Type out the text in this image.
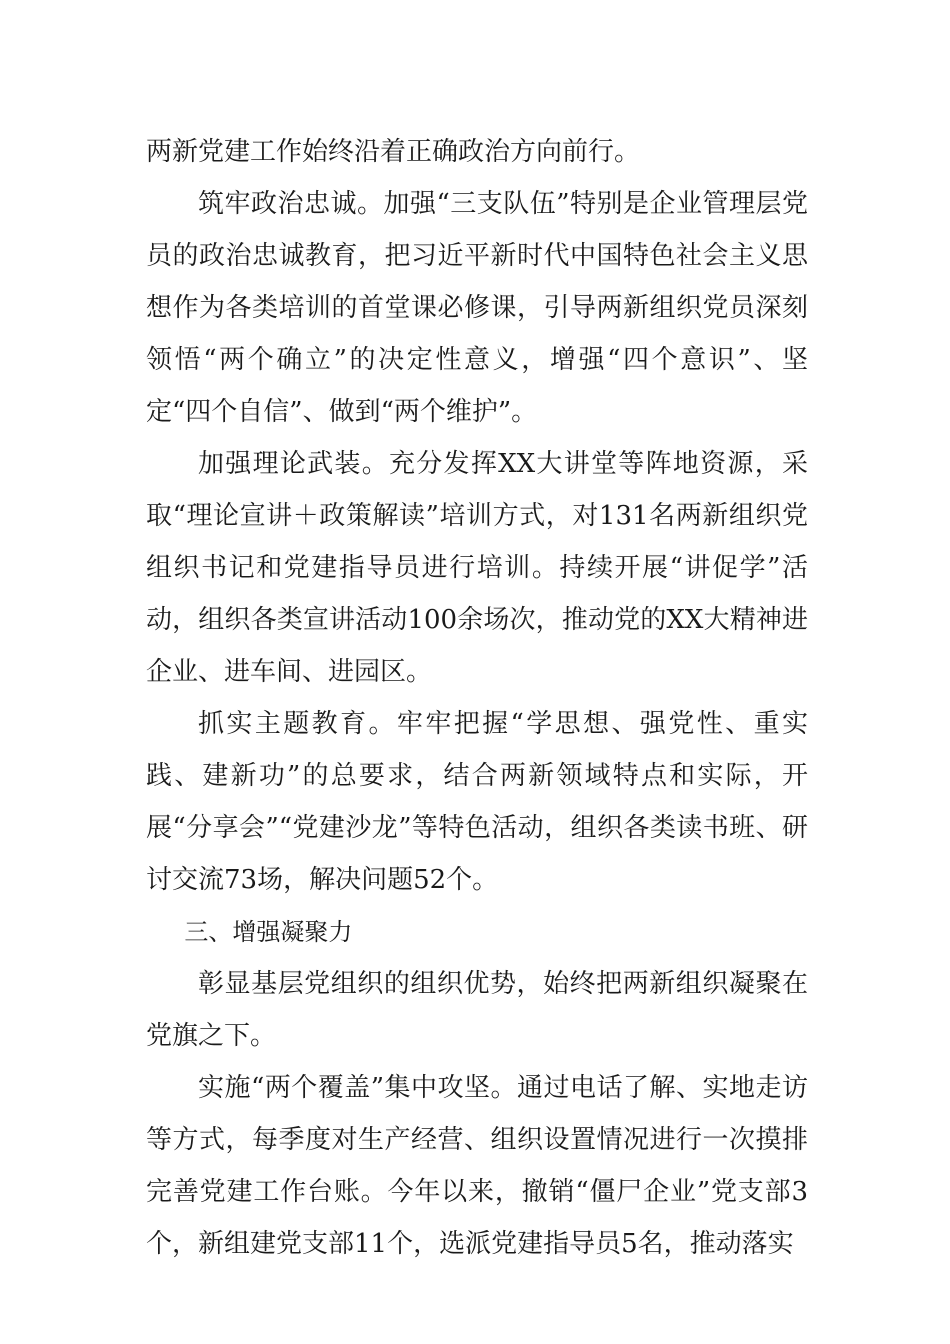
两新党建工作始终沿着正确政治方向前行。

筑牢政治忠诚。加强“三支队伍”特别是企业管理层党员的政治忠诚教育，把习近平新时代中国特色社会主义思想作为各类培训的首堂课必修课，引导两新组织党员深刻领悟“两个确立”的决定性意义，增强“四个意识”、坚定“四个自信”、做到“两个维护”。

加强理论武装。充分发挥XX大讲堂等阵地资源，采取“理论宣讲＋政策解读”培训方式，对131名两新组织党组织书记和党建指导员进行培训。持续开展“讲促学”活动，组织各类宣讲活动100余场次，推动党的XX大精神进企业、进车间、进园区。

抓实主题教育。牢牢把握“学思想、强党性、重实践、建新功”的总要求，结合两新领域特点和实际，开展“分享会”“党建沙龙”等特色活动，组织各类读书班、研讨交流73场，解决问题52个。

三、增强凝聚力

彰显基层党组织的组织优势，始终把两新组织凝聚在党旗之下。

实施“两个覆盖”集中攻坚。通过电话了解、实地走访等方式，每季度对生产经营、组织设置情况进行一次摸排完善党建工作台账。今年以来，撤销“僵尸企业”党支部3个，新组建党支部11个，选派党建指导员5名，推动落实
